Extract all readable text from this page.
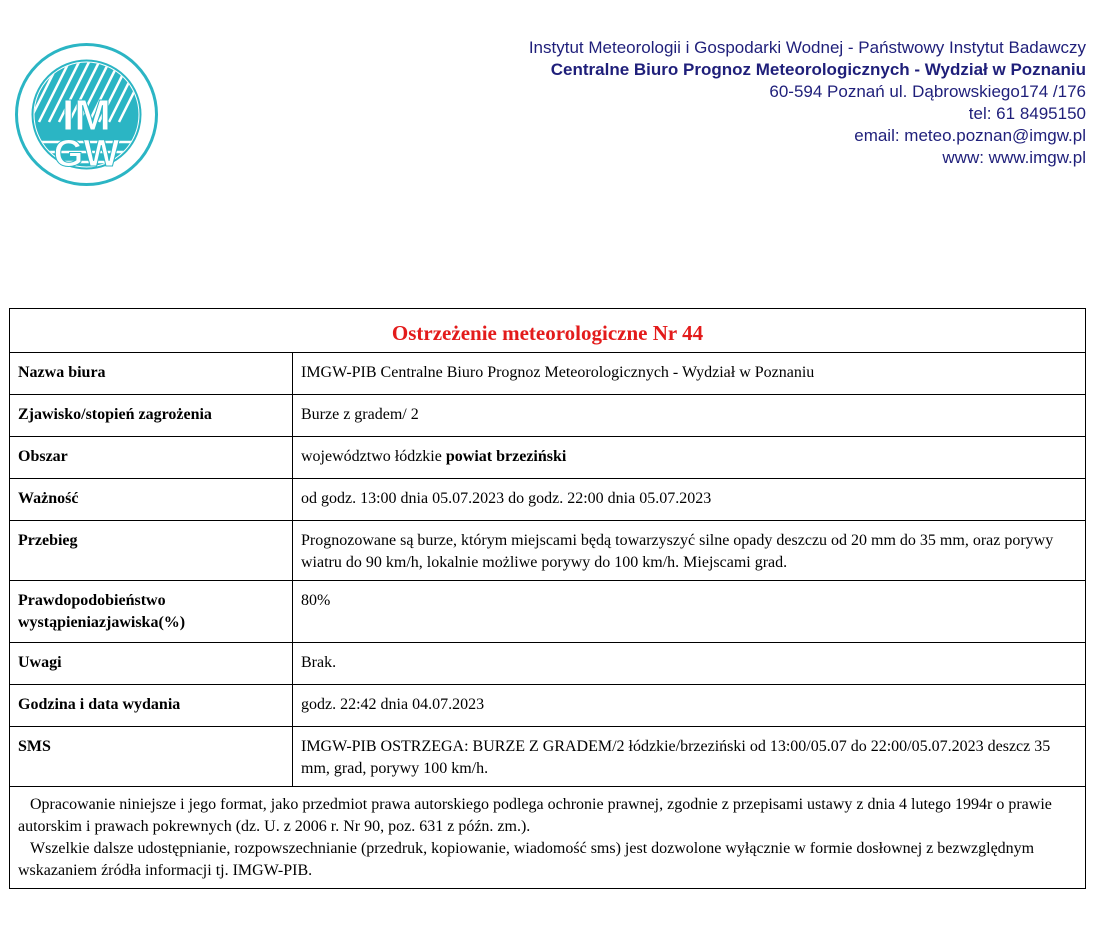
IM
GW
Instytut Meteorologii i Gospodarki Wodnej - Państwowy Instytut Badawczy
Centralne Biuro Prognoz Meteorologicznych - Wydział w Poznaniu
60-594 Poznań ul. Dąbrowskiego174 /176
tel: 61 8495150
email: meteo.poznan@imgw.pl
www: www.imgw.pl
Ostrzeżenie meteorologiczne Nr 44	
Nazwa biura	IMGW-PIB Centralne Biuro Prognoz Meteorologicznych - Wydział w Poznaniu
Zjawisko/stopień zagrożenia	Burze z gradem/ 2
Obszar	województwo łódzkie powiat brzeziński
Ważność	od godz. 13:00 dnia 05.07.2023 do godz. 22:00 dnia 05.07.2023
Przebieg	Prognozowane są burze, którym miejscami będą towarzyszyć silne opady deszczu od 20 mm do 35 mm, oraz porywy wiatru do 90 km/h, lokalnie możliwe porywy do 100 km/h. Miejscami grad.

Prawdopodobieństwo
wystąpieniazjawiska(%)	80%
Uwagi	Brak.
Godzina i data wydania	godz. 22:42 dnia 04.07.2023
SMS	IMGW-PIB OSTRZEGA: BURZE Z GRADEM/2 łódzkie/brzeziński od 13:00/05.07 do 22:00/05.07.2023 deszcz 35 mm, grad, porywy 100 km/h.

Opracowanie niniejsze i jego format, jako przedmiot prawa autorskiego podlega ochronie prawnej, zgodnie z przepisami ustawy z dnia 4 lutego 1994r o prawie autorskim i prawach pokrewnych (dz. U. z 2006 r. Nr 90, poz. 631 z późn. zm.).

Wszelkie dalsze udostępnianie, rozpowszechnianie (przedruk, kopiowanie, wiadomość sms) jest dozwolone wyłącznie w formie dosłownej z bezwzględnym wskazaniem źródła informacji tj. IMGW-PIB.	
